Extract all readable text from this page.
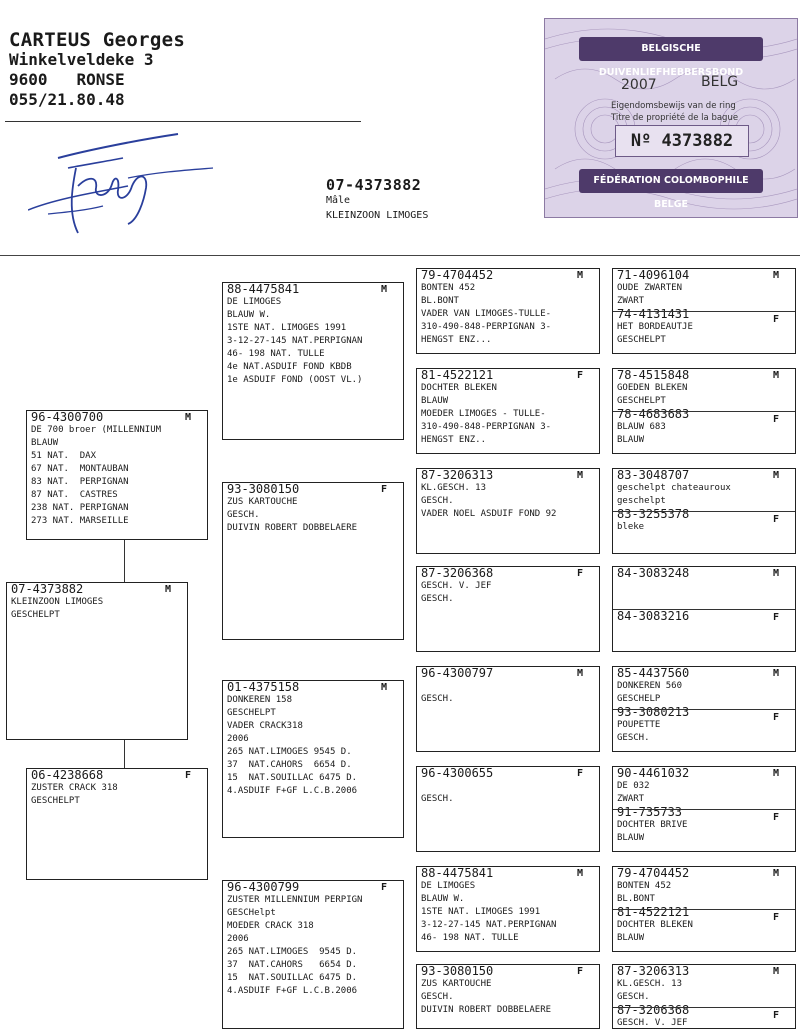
CARTEUS Georges
Winkelveldeke 3
9600 RONSE
055/21.80.48
07-4373882
Mâle
KLEINZOON LIMOGES
BELGISCHE DUIVENLIEFHEBBERSBOND
2007	BELG
Eigendomsbewijs van de ring
Titre de propriété de la bague
Nº 4373882
FÉDÉRATION COLOMBOPHILE BELGE
07-4373882	M
KLEINZOON LIMOGES
GESCHELPT
96-4300700	M
DE 700 broer (MILLENNIUM
BLAUW
51 NAT.  DAX
67 NAT.  MONTAUBAN
83 NAT.  PERPIGNAN
87 NAT.  CASTRES
238 NAT. PERPIGNAN
273 NAT. MARSEILLE
06-4238668	F
ZUSTER CRACK 318
GESCHELPT
88-4475841	M
DE LIMOGES
BLAUW W.
1STE NAT. LIMOGES 1991
3-12-27-145 NAT.PERPIGNAN
46- 198 NAT. TULLE
4e NAT.ASDUIF FOND KBDB
1e ASDUIF FOND (OOST VL.)
93-3080150	F
ZUS KARTOUCHE
GESCH.
DUIVIN ROBERT DOBBELAERE
01-4375158	M
DONKEREN 158
GESCHELPT
VADER CRACK318
2006
265 NAT.LIMOGES 9545 D.
37  NAT.CAHORS  6654 D.
15  NAT.SOUILLAC 6475 D.
4.ASDUIF F+GF L.C.B.2006
96-4300799	F
ZUSTER MILLENNIUM PERPIGN
GESCHelpt
MOEDER CRACK 318
2006
265 NAT.LIMOGES  9545 D.
37  NAT.CAHORS   6654 D.
15  NAT.SOUILLAC 6475 D.
4.ASDUIF F+GF L.C.B.2006
79-4704452	M
BONTEN 452
BL.BONT
VADER VAN LIMOGES-TULLE-
310-490-848-PERPIGNAN 3-
HENGST ENZ...
81-4522121	F
DOCHTER BLEKEN
BLAUW
MOEDER LIMOGES - TULLE-
310-490-848-PERPIGNAN 3-
HENGST ENZ..
87-3206313	M
KL.GESCH. 13
GESCH.
VADER NOEL ASDUIF FOND 92
87-3206368	F
GESCH. V. JEF
GESCH.
96-4300797	M

GESCH.
96-4300655	F

GESCH.
88-4475841	M
DE LIMOGES
BLAUW W.
1STE NAT. LIMOGES 1991
3-12-27-145 NAT.PERPIGNAN
46- 198 NAT. TULLE
93-3080150	F
ZUS KARTOUCHE
GESCH.
DUIVIN ROBERT DOBBELAERE
71-4096104	M
OUDE ZWARTEN
ZWART
74-4131431	F
HET BORDEAUTJE
GESCHELPT
78-4515848	M
GOEDEN BLEKEN
GESCHELPT
78-4683683	F
BLAUW 683
BLAUW
83-3048707	M
geschelpt chateauroux
geschelpt
83-3255378	F
bleke
84-3083248	M
84-3083216	F
85-4437560	M
DONKEREN 560
GESCHELP
93-3080213	F
POUPETTE
GESCH.
90-4461032	M
DE 032
ZWART
91-735733	F
DOCHTER BRIVE
BLAUW
79-4704452	M
BONTEN 452
BL.BONT
81-4522121	F
DOCHTER BLEKEN
BLAUW
87-3206313	M
KL.GESCH. 13
GESCH.
87-3206368	F
GESCH. V. JEF
